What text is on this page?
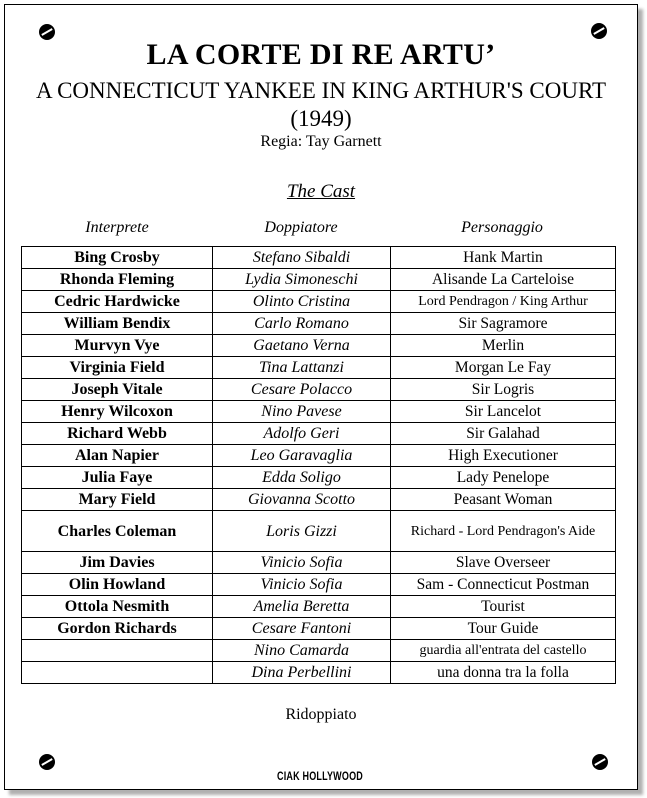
LA CORTE DI RE ARTU’
A CONNECTICUT YANKEE IN KING ARTHUR'S COURT
(1949)
Regia: Tay Garnett
The Cast
Interprete	Doppiatore	Personaggio
Bing Crosby	Stefano Sibaldi	Hank Martin
Rhonda Fleming	Lydia Simoneschi	Alisande La Carteloise
Cedric Hardwicke	Olinto Cristina	Lord Pendragon / King Arthur
William Bendix	Carlo Romano	Sir Sagramore
Murvyn Vye	Gaetano Verna	Merlin
Virginia Field	Tina Lattanzi	Morgan Le Fay
Joseph Vitale	Cesare Polacco	Sir Logris
Henry Wilcoxon	Nino Pavese	Sir Lancelot
Richard Webb	Adolfo Geri	Sir Galahad
Alan Napier	Leo Garavaglia	High Executioner
Julia Faye	Edda Soligo	Lady Penelope
Mary Field	Giovanna Scotto	Peasant Woman
Charles Coleman	Loris Gizzi	Richard - Lord Pendragon's Aide
Jim Davies	Vinicio Sofia	Slave Overseer
Olin Howland	Vinicio Sofia	Sam - Connecticut Postman
Ottola Nesmith	Amelia Beretta	Tourist
Gordon Richards	Cesare Fantoni	Tour Guide
	Nino Camarda	guardia all'entrata del castello
	Dina Perbellini	una donna tra la folla
Ridoppiato
CIAK HOLLYWOOD
